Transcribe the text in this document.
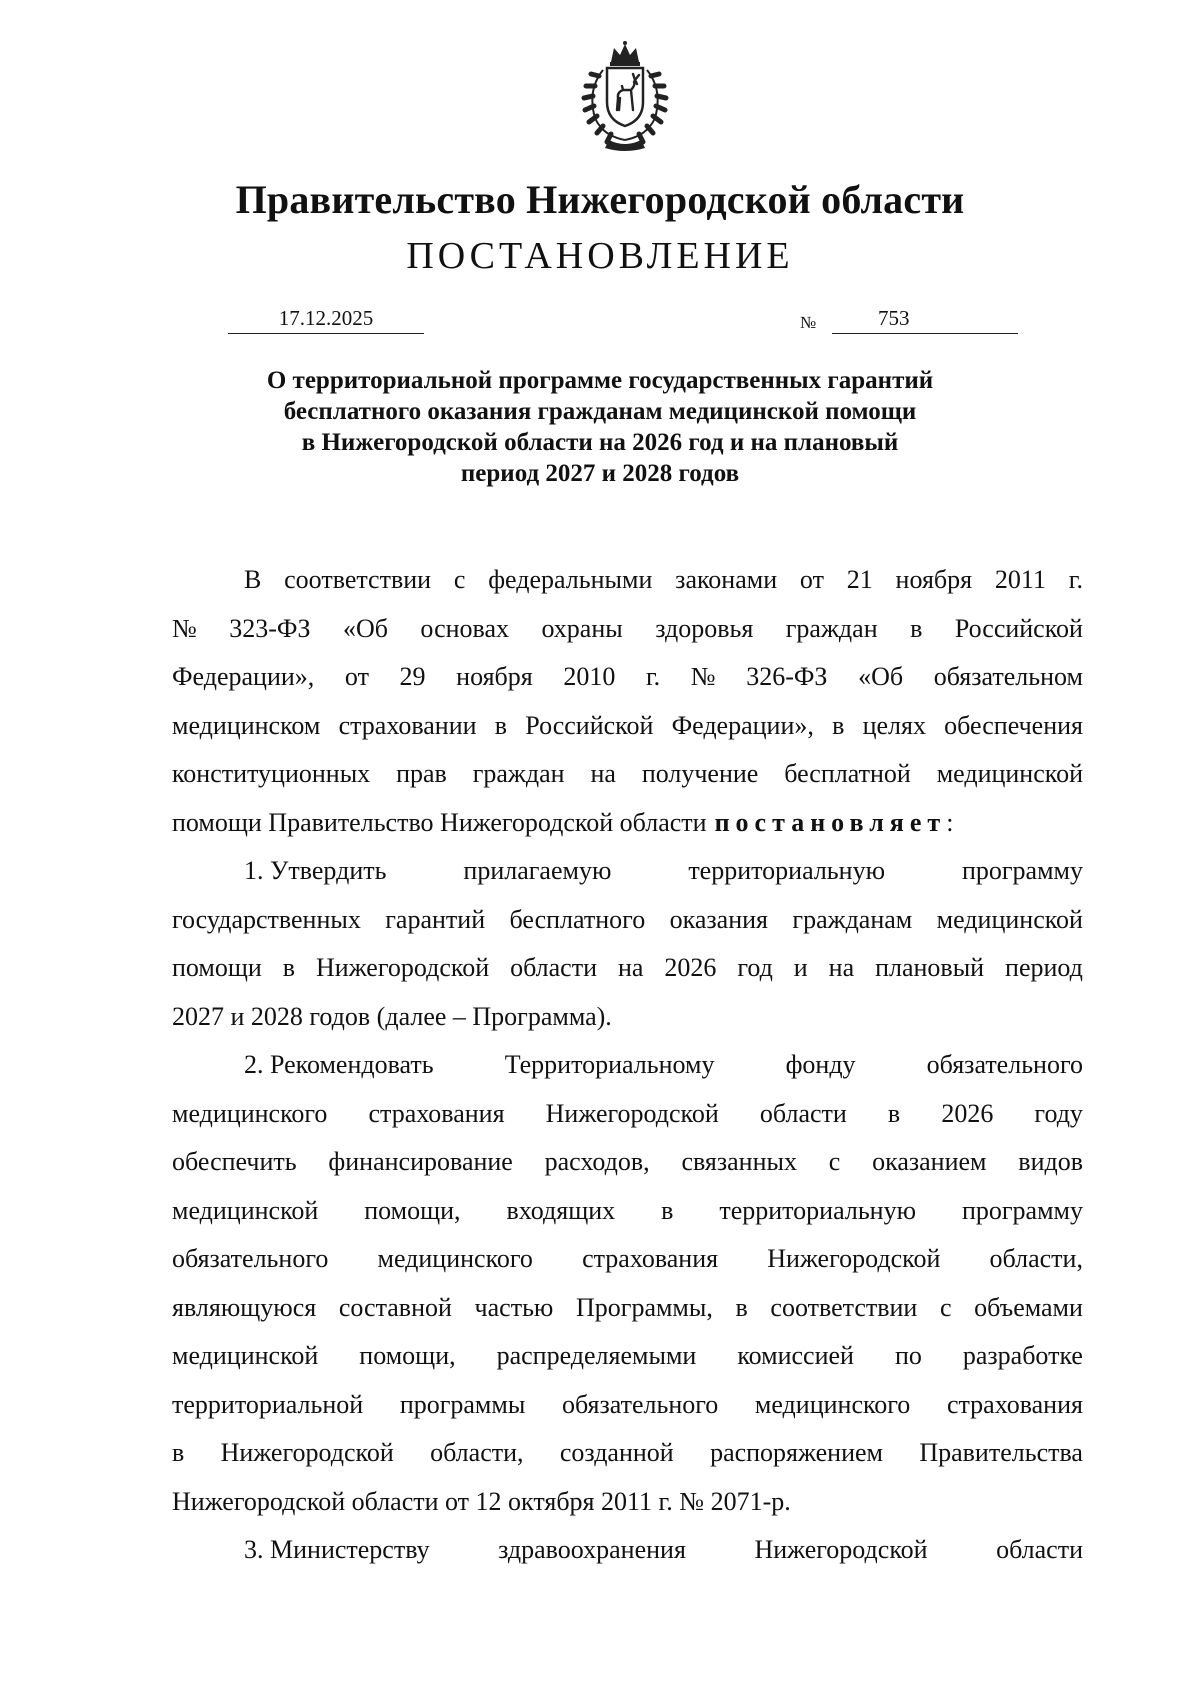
Правительство Нижегородской области
ПОСТАНОВЛЕНИЕ
17.12.2025	№	753
О территориальной программе государственных гарантий
бесплатного оказания гражданам медицинской помощи
в Нижегородской области на 2026 год и на плановый
период 2027 и 2028 годов
В соответствии с федеральными законами от 21 ноября 2011 г.
№ 323-ФЗ «Об основах охраны здоровья граждан в Российской
Федерации», от 29 ноября 2010 г. № 326-ФЗ «Об обязательном
медицинском страховании в Российской Федерации», в целях обеспечения
конституционных прав граждан на получение бесплатной медицинской
помощи Правительство Нижегородской области постановляет :
1. Утвердить	прилагаемую	территориальную	программу
государственных гарантий бесплатного оказания гражданам медицинской
помощи в Нижегородской области на 2026 год и на плановый период
2027 и 2028 годов (далее – Программа).
2. Рекомендовать	Территориальному	фонду	обязательного
медицинского страхования Нижегородской области в 2026 году
обеспечить финансирование расходов, связанных с оказанием видов
медицинской помощи, входящих в территориальную программу
обязательного медицинского страхования Нижегородской области,
являющуюся составной частью Программы, в соответствии с объемами
медицинской помощи, распределяемыми комиссией по разработке
территориальной программы обязательного медицинского страхования
в Нижегородской области, созданной распоряжением Правительства
Нижегородской области от 12 октября 2011 г. № 2071-р.
3. Министерству	здравоохранения	Нижегородской	области
